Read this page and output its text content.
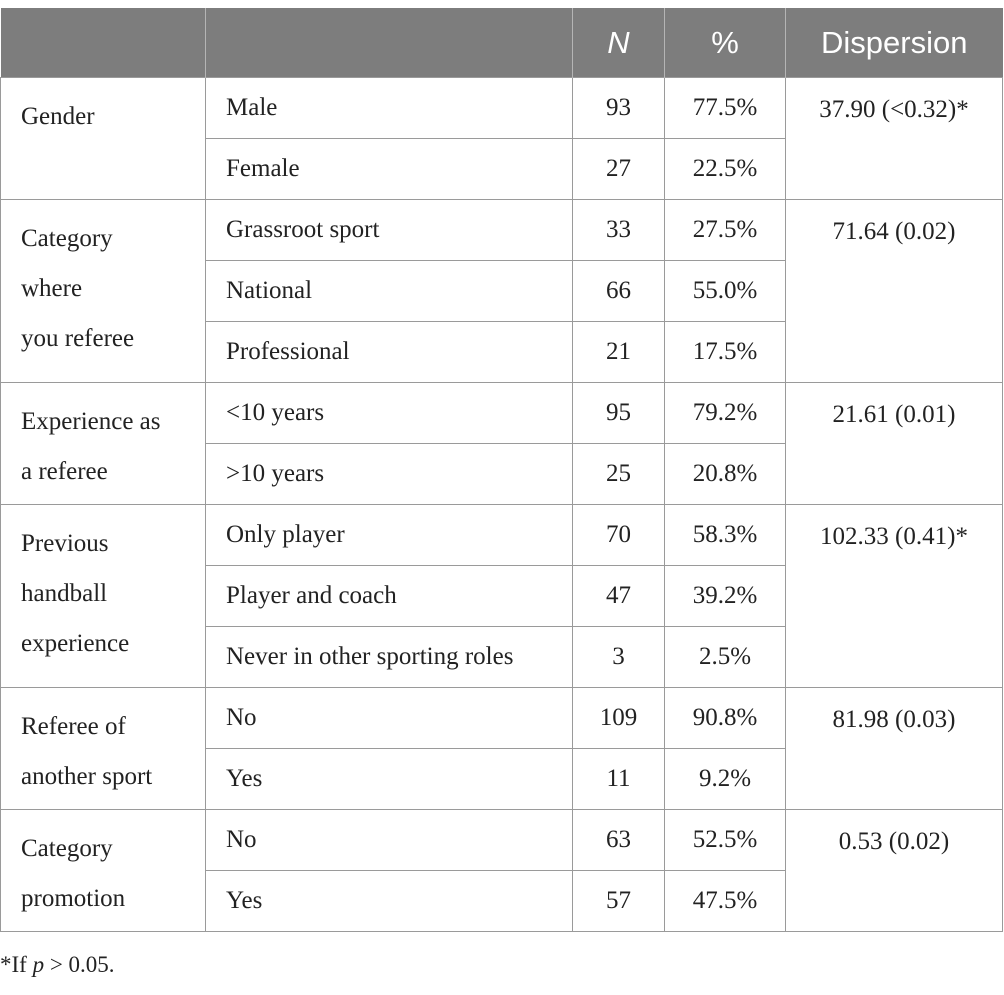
		N	%	Dispersion

Gender	Male	93	77.5%	37.90 (<0.32)*
	Female	27	22.5%	

Category
where
you referee	Grassroot sport	33	27.5%	71.64 (0.02)
	National	66	55.0%	
	Professional	21	17.5%	

Experience as
a referee	<10 years	95	79.2%	21.61 (0.01)
	>10 years	25	20.8%	

Previous
handball
experience	Only player	70	58.3%	102.33 (0.41)*
	Player and coach	47	39.2%	
	Never in other sporting roles	3	2.5%	

Referee of
another sport	No	109	90.8%	81.98 (0.03)
	Yes	11	9.2%	

Category
promotion	No	63	52.5%	0.53 (0.02)
	Yes	57	47.5%	
*If p > 0.05.
